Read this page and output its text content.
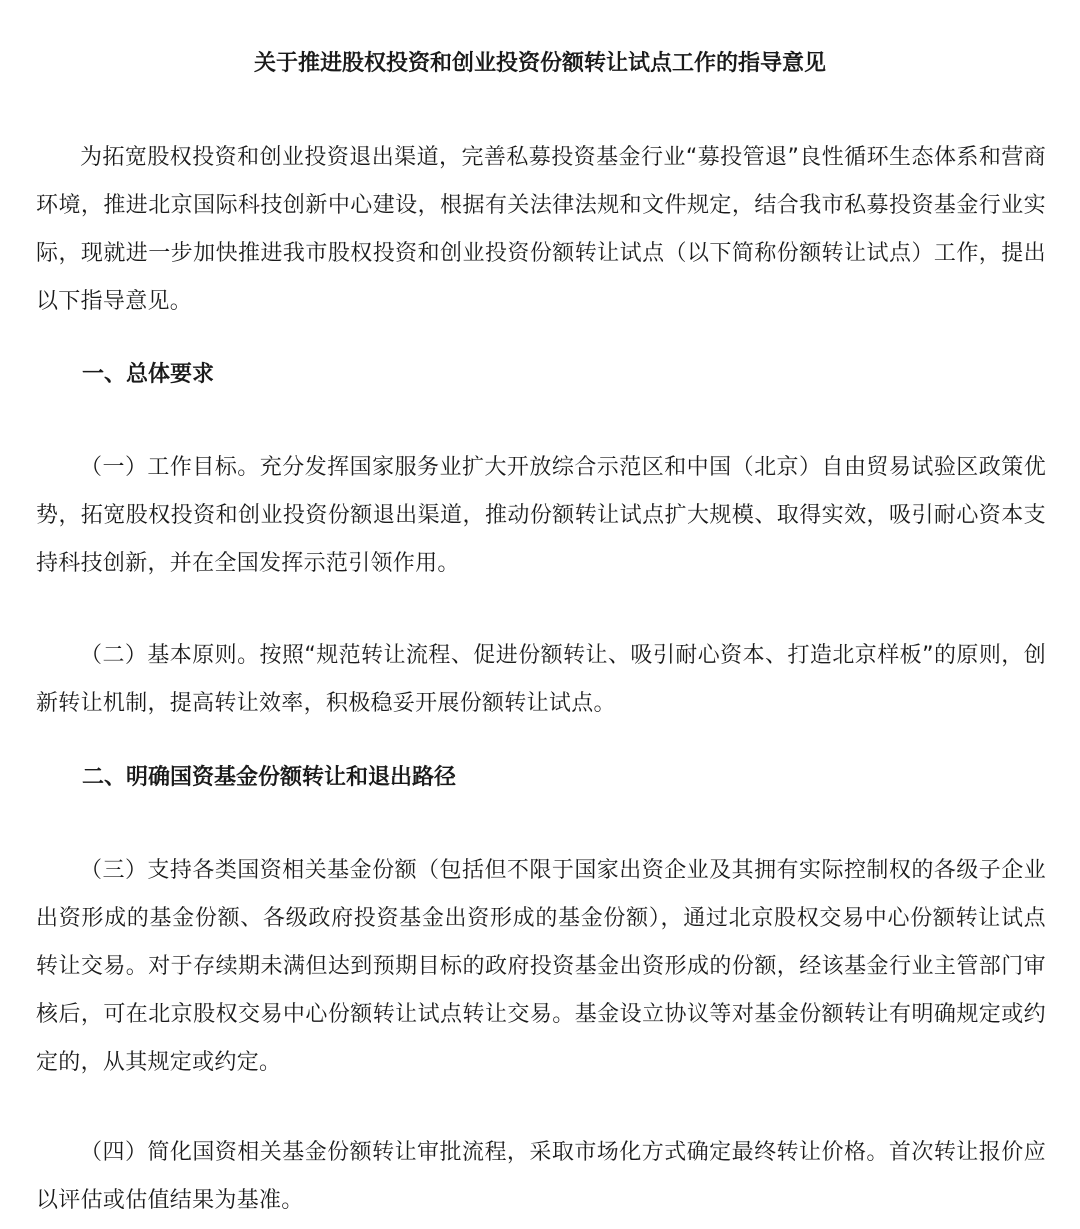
关于推进股权投资和创业投资份额转让试点工作的指导意见

为拓宽股权投资和创业投资退出渠道，完善私募投资基金行业“募投管退”良性循环生态体系和营商环境，推进北京国际科技创新中心建设，根据有关法律法规和文件规定，结合我市私募投资基金行业实际，现就进一步加快推进我市股权投资和创业投资份额转让试点（以下简称份额转让试点）工作，提出以下指导意见。

一、总体要求

（一）工作目标。充分发挥国家服务业扩大开放综合示范区和中国（北京）自由贸易试验区政策优势，拓宽股权投资和创业投资份额退出渠道，推动份额转让试点扩大规模、取得实效，吸引耐心资本支持科技创新，并在全国发挥示范引领作用。

（二）基本原则。按照“规范转让流程、促进份额转让、吸引耐心资本、打造北京样板”的原则，创新转让机制，提高转让效率，积极稳妥开展份额转让试点。

二、明确国资基金份额转让和退出路径

（三）支持各类国资相关基金份额（包括但不限于国家出资企业及其拥有实际控制权的各级子企业出资形成的基金份额、各级政府投资基金出资形成的基金份额），通过北京股权交易中心份额转让试点转让交易。对于存续期未满但达到预期目标的政府投资基金出资形成的份额，经该基金行业主管部门审核后，可在北京股权交易中心份额转让试点转让交易。基金设立协议等对基金份额转让有明确规定或约定的，从其规定或约定。

（四）简化国资相关基金份额转让审批流程，采取市场化方式确定最终转让价格。首次转让报价应以评估或估值结果为基准。
